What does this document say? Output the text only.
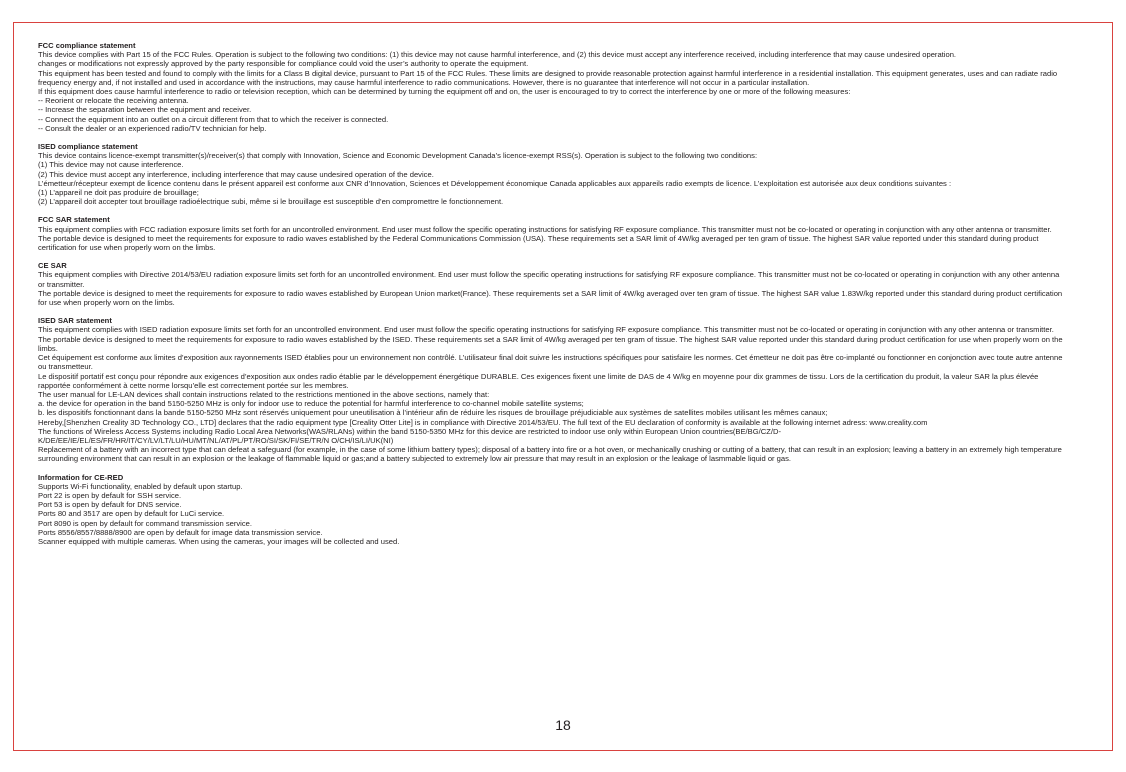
FCC compliance statement

This device complies with Part 15 of the FCC Rules. Operation is subject to the following two conditions: (1) this device may not cause harmful interference, and (2) this device must accept any interference received, including interference that may cause undesired operation.

changes or modifications not expressly approved by the party responsible for compliance could void the user’s authority to operate the equipment.

This equipment has been tested and found to comply with the limits for a Class B digital device, pursuant to Part 15 of the FCC Rules. These limits are designed to provide reasonable protection against harmful interference in a residential installation. This equipment generates, uses and can radiate radio frequency energy and, if not installed and used in accordance with the instructions, may cause harmful interference to radio communications. However, there is no guarantee that interference will not occur in a particular installation.

If this equipment does cause harmful interference to radio or television reception, which can be determined by turning the equipment off and on, the user is encouraged to try to correct the interference by one or more of the following measures:

-- Reorient or relocate the receiving antenna.

-- Increase the separation between the equipment and receiver.

-- Connect the equipment into an outlet on a circuit different from that to which the receiver is connected.

-- Consult the dealer or an experienced radio/TV technician for help.

ISED compliance statement

This device contains licence-exempt transmitter(s)/receiver(s) that comply with Innovation, Science and Economic Development Canada’s licence-exempt RSS(s). Operation is subject to the following two conditions:

(1) This device may not cause interference.

(2) This device must accept any interference, including interference that may cause undesired operation of the device.

L’émetteur/récepteur exempt de licence contenu dans le présent appareil est conforme aux CNR d’Innovation, Sciences et Développement économique Canada applicables aux appareils radio exempts de licence. L’exploitation est autorisée aux deux conditions suivantes :

(1) L’appareil ne doit pas produire de brouillage;

(2) L’appareil doit accepter tout brouillage radioélectrique subi, même si le brouillage est susceptible d’en compromettre le fonctionnement.

FCC SAR statement

This equipment complies with FCC radiation exposure limits set forth for an uncontrolled environment. End user must follow the specific operating instructions for satisfying RF exposure compliance. This transmitter must not be co-located or operating in conjunction with any other antenna or transmitter.

The portable device is designed to meet the requirements for exposure to radio waves established by the Federal Communications Commission (USA). These requirements set a SAR limit of 4W/kg averaged per ten gram of tissue. The highest SAR value reported under this standard during product certification for use when properly worn on the limbs.

CE SAR

This equipment complies with Directive 2014/53/EU radiation exposure limits set forth for an uncontrolled environment. End user must follow the specific operating instructions for satisfying RF exposure compliance. This transmitter must not be co-located or operating in conjunction with any other antenna or transmitter.

The portable device is designed to meet the requirements for exposure to radio waves established by European Union market(France). These requirements set a SAR limit of 4W/kg averaged over ten gram of tissue. The highest SAR value 1.83W/kg reported under this standard during product certification for use when properly worn on the limbs.

ISED SAR statement

This equipment complies with ISED radiation exposure limits set forth for an uncontrolled environment. End user must follow the specific operating instructions for satisfying RF exposure compliance. This transmitter must not be co-located or operating in conjunction with any other antenna or transmitter.

The portable device is designed to meet the requirements for exposure to radio waves established by the ISED. These requirements set a SAR limit of 4W/kg averaged per ten gram of tissue. The highest SAR value reported under this standard during product certification for use when properly worn on the limbs.

Cet équipement est conforme aux limites d’exposition aux rayonnements ISED établies pour un environnement non contrôlé. L’utilisateur final doit suivre les instructions spécifiques pour satisfaire les normes. Cet émetteur ne doit pas être co-implanté ou fonctionner en conjonction avec toute autre antenne ou transmetteur.

Le dispositif portatif est conçu pour répondre aux exigences d’exposition aux ondes radio établie par le développement énergétique DURABLE. Ces exigences fixent une limite de DAS de 4 W/kg en moyenne pour dix grammes de tissu. Lors de la certification du produit, la valeur SAR la plus élevée rapportée conformément à cette norme lorsqu’elle est correctement portée sur les membres.

The user manual for LE-LAN devices shall contain instructions related to the restrictions mentioned in the above sections, namely that:

a. the device for operation in the band 5150-5250 MHz is only for indoor use to reduce the potential for harmful interference to co-channel mobile satellite systems;

b. les dispositifs fonctionnant dans la bande 5150-5250 MHz sont réservés uniquement pour uneutilisation à l’intérieur afin de réduire les risques de brouillage préjudiciable aux systèmes de satellites mobiles utilisant les mêmes canaux;

Hereby,[Shenzhen Creality 3D Technology CO., LTD] declares that the radio equipment type [Creality Otter Lite] is in compliance with Directive 2014/53/EU. The full text of the EU declaration of conformity is available at the following internet adress: www.creality.com

The functions of Wireless Access Systems including Radio Local Area Networks(WAS/RLANs) within the band 5150-5350 MHz for this device are restricted to indoor use only within European Union countries(BE/BG/CZ/D-K/DE/EE/IE/EL/ES/FR/HR/IT/CY/LV/LT/LU/HU/MT/NL/AT/PL/PT/RO/SI/SK/FI/SE/TR/N O/CH/IS/LI/UK(NI)

Replacement of a battery with an incorrect type that can defeat a safeguard (for example, in the case of some lithium battery types); disposal of a battery into fire or a hot oven, or mechanically crushing or cutting of a battery, that can result in an explosion; leaving a battery in an extremely high temperature surrounding environment that can result in an explosion or the leakage of flammable liquid or gas;and a battery subjected to extremely low air pressure that may result in an explosion or the leakage of lasmmable liquid or gas.

Information for CE-RED

Supports Wi-Fi functionality, enabled by default upon startup.

Port 22 is open by default for SSH service.

Port 53 is open by default for DNS service.

Ports 80 and 3517 are open by default for LuCi service.

Port 8090 is open by default for command transmission service.

Ports 8556/8557/8888/8900 are open by default for image data transmission service.

Scanner equipped with multiple cameras. When using the cameras, your images will be collected and used.

18
